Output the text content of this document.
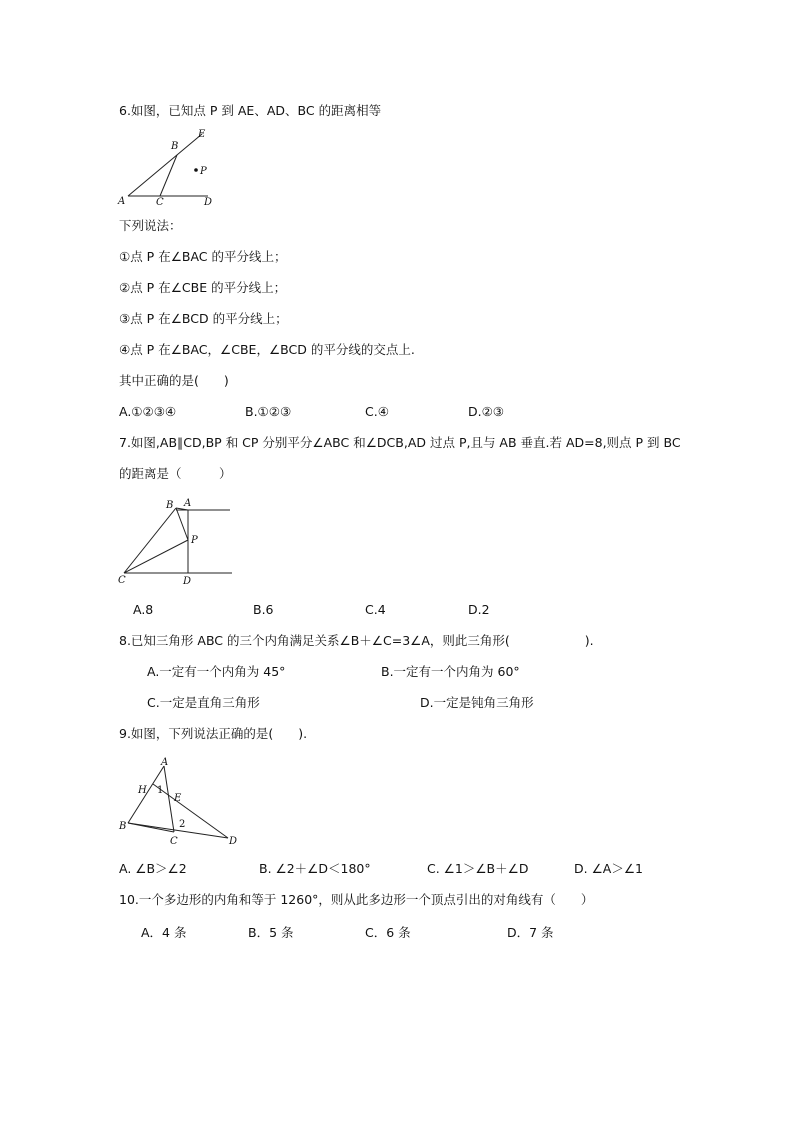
6.如图，已知点 P 到 AE、AD、BC 的距离相等
E
B
P
A	C	D
下列说法：
①点 P 在∠BAC 的平分线上；
②点 P 在∠CBE 的平分线上；
③点 P 在∠BCD 的平分线上；
④点 P 在∠BAC，∠CBE，∠BCD 的平分线的交点上.
其中正确的是(　　)
A.①②③④	B.①②③	C.④	D.②③
7.如图,AB∥CD,BP 和 CP 分别平分∠ABC 和∠DCB,AD 过点 P,且与 AB 垂直.若 AD=8,则点 P 到 BC
的距离是（　　　）
B A
P
C	D
A.8	B.6	C.4	D.2
8.已知三角形 ABC 的三个内角满足关系∠B＋∠C=3∠A，则此三角形(　　　　　　).
A.一定有一个内角为 45°	B.一定有一个内角为 60°
C.一定是直角三角形	D.一定是钝角三角形
9.如图，下列说法正确的是(　　).
A
H 1
E
2
B
C	D
A. ∠B＞∠2	B. ∠2＋∠D＜180°	C. ∠1＞∠B＋∠D	D. ∠A＞∠1
10.一个多边形的内角和等于 1260°，则从此多边形一个顶点引出的对角线有（　　）
A．4 条	B．5 条	C．6 条	D．7 条
